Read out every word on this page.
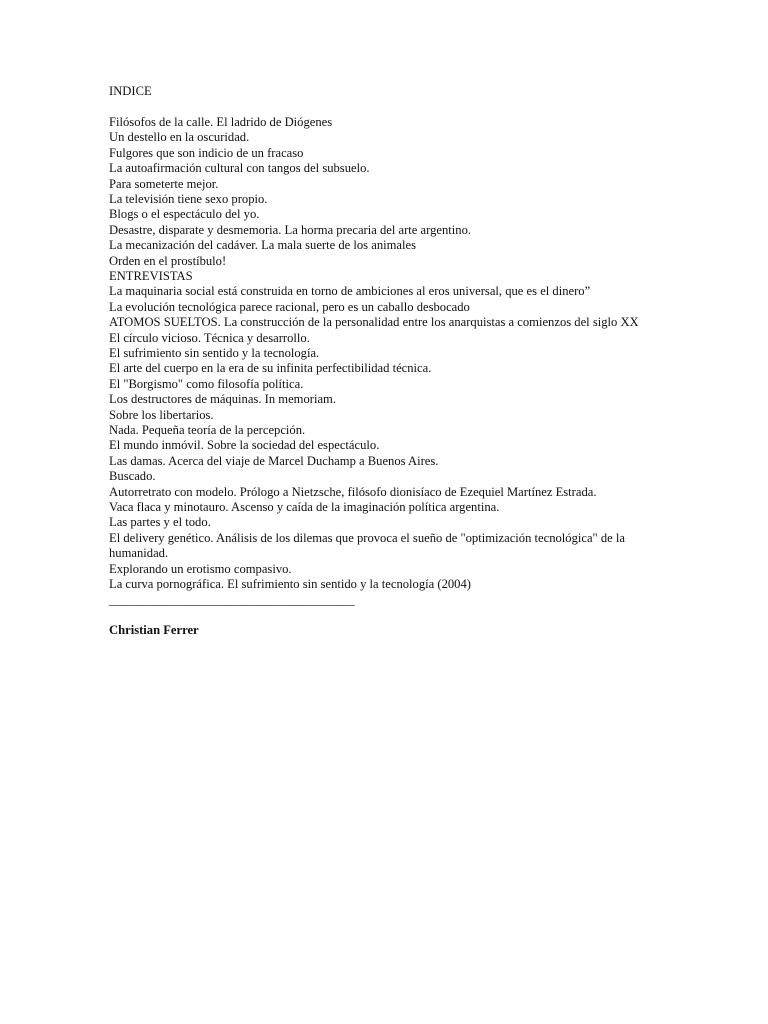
INDICE
Filósofos de la calle. El ladrido de Diógenes
Un destello en la oscuridad.
Fulgores que son indicio de un fracaso
La autoafirmación cultural con tangos del subsuelo.
Para someterte mejor.
La televisión tiene sexo propio.
Blogs o el espectáculo del yo.
Desastre, disparate y desmemoria. La horma precaria del arte argentino.
La mecanización del cadáver. La mala suerte de los animales
Orden en el prostíbulo!
ENTREVISTAS
La maquinaria social está construida en torno de ambiciones al eros universal, que es el dinero”
La evolución tecnológica parece racional, pero es un caballo desbocado
ATOMOS SUELTOS. La construcción de la personalidad entre los anarquistas a comienzos del siglo XX
El círculo vicioso. Técnica y desarrollo.
El sufrimiento sin sentido y la tecnología.
El arte del cuerpo en la era de su infinita perfectibilidad técnica.
El "Borgismo" como filosofía política.
Los destructores de máquinas. In memoriam.
Sobre los libertarios.
Nada. Pequeña teoría de la percepción.
El mundo inmóvil. Sobre la sociedad del espectáculo.
Las damas. Acerca del viaje de Marcel Duchamp a Buenos Aires.
Buscado.
Autorretrato con modelo. Prólogo a Nietzsche, filósofo dionisíaco de Ezequiel Martínez Estrada.
Vaca flaca y minotauro. Ascenso y caída de la imaginación política argentina.
Las partes y el todo.
El delivery genético. Análisis de los dilemas que provoca el sueño de "optimización tecnológica" de la humanidad.
Explorando un erotismo compasivo.
La curva pornográfica. El sufrimiento sin sentido y la tecnología (2004)
_______________________________________
Christian Ferrer
